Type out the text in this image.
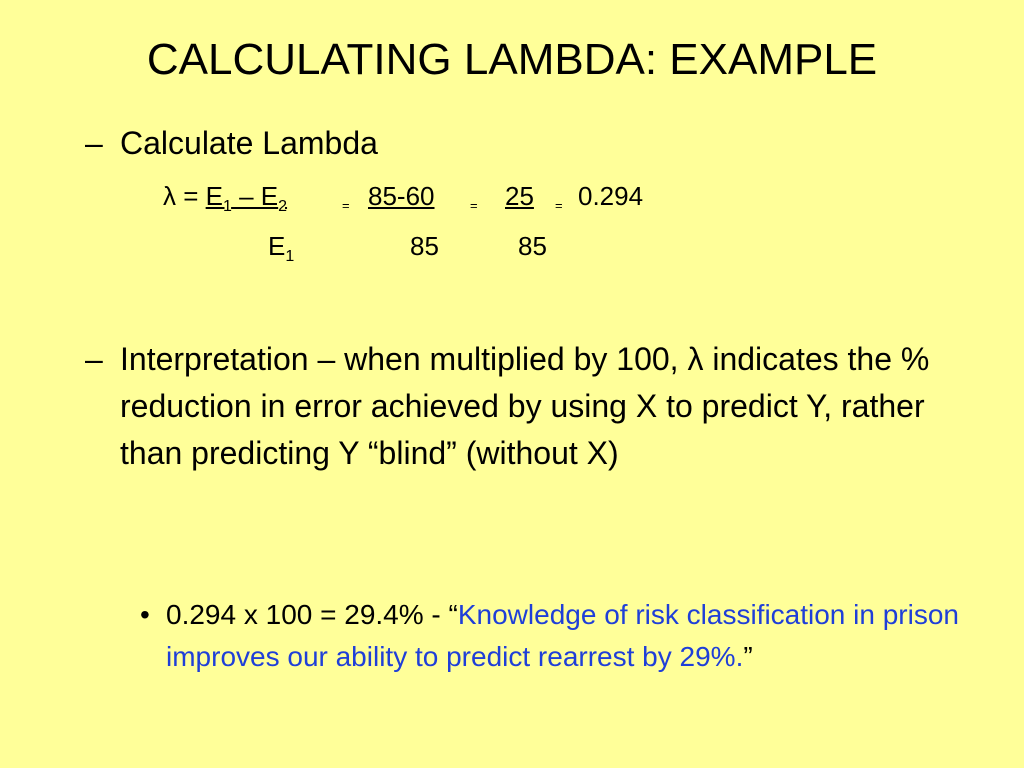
CALCULATING LAMBDA: EXAMPLE
– Calculate Lambda
$\lambda = E_1 - E_2$	= 85-60	= 25 = 0.294
$E_1$	85	85
– Interpretation – when multiplied by 100, λ indicates the % reduction in error achieved by using X to predict Y, rather than predicting Y “blind” (without X)
• 0.294 x 100 = 29.4% - “Knowledge of risk classification in prison improves our ability to predict rearrest by 29%.”
